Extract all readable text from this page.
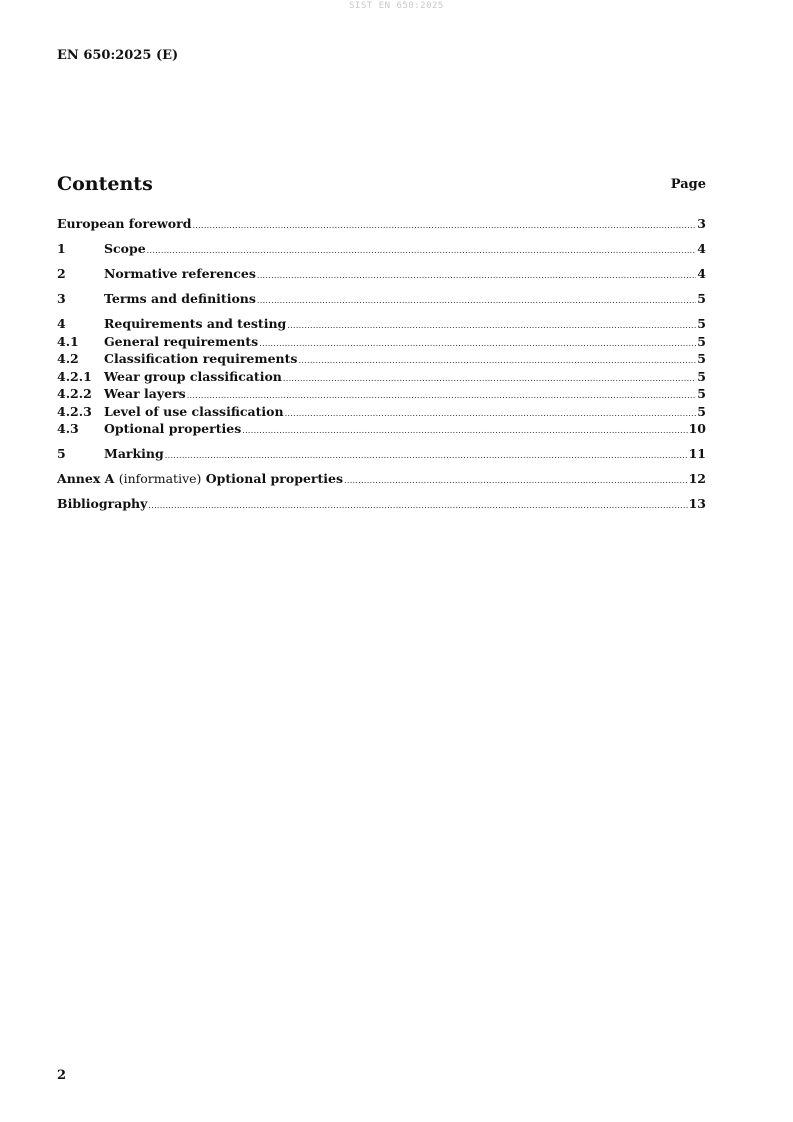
SIST EN 650:2025
EN 650:2025 (E)
Contents	Page
European foreword .....	3
1	Scope .....	4
2	Normative references .....	4
3	Terms and definitions .....	5
4	Requirements and testing .....	5
4.1	General requirements .....	5
4.2	Classification requirements .....	5
4.2.1 Wear group classification .....	5
4.2.2 Wear layers .....	5
4.2.3 Level of use classification .....	5
4.3	Optional properties .....	10
5	Marking .....	11
Annex A (informative) Optional properties .....	12
Bibliography .....	13
2
